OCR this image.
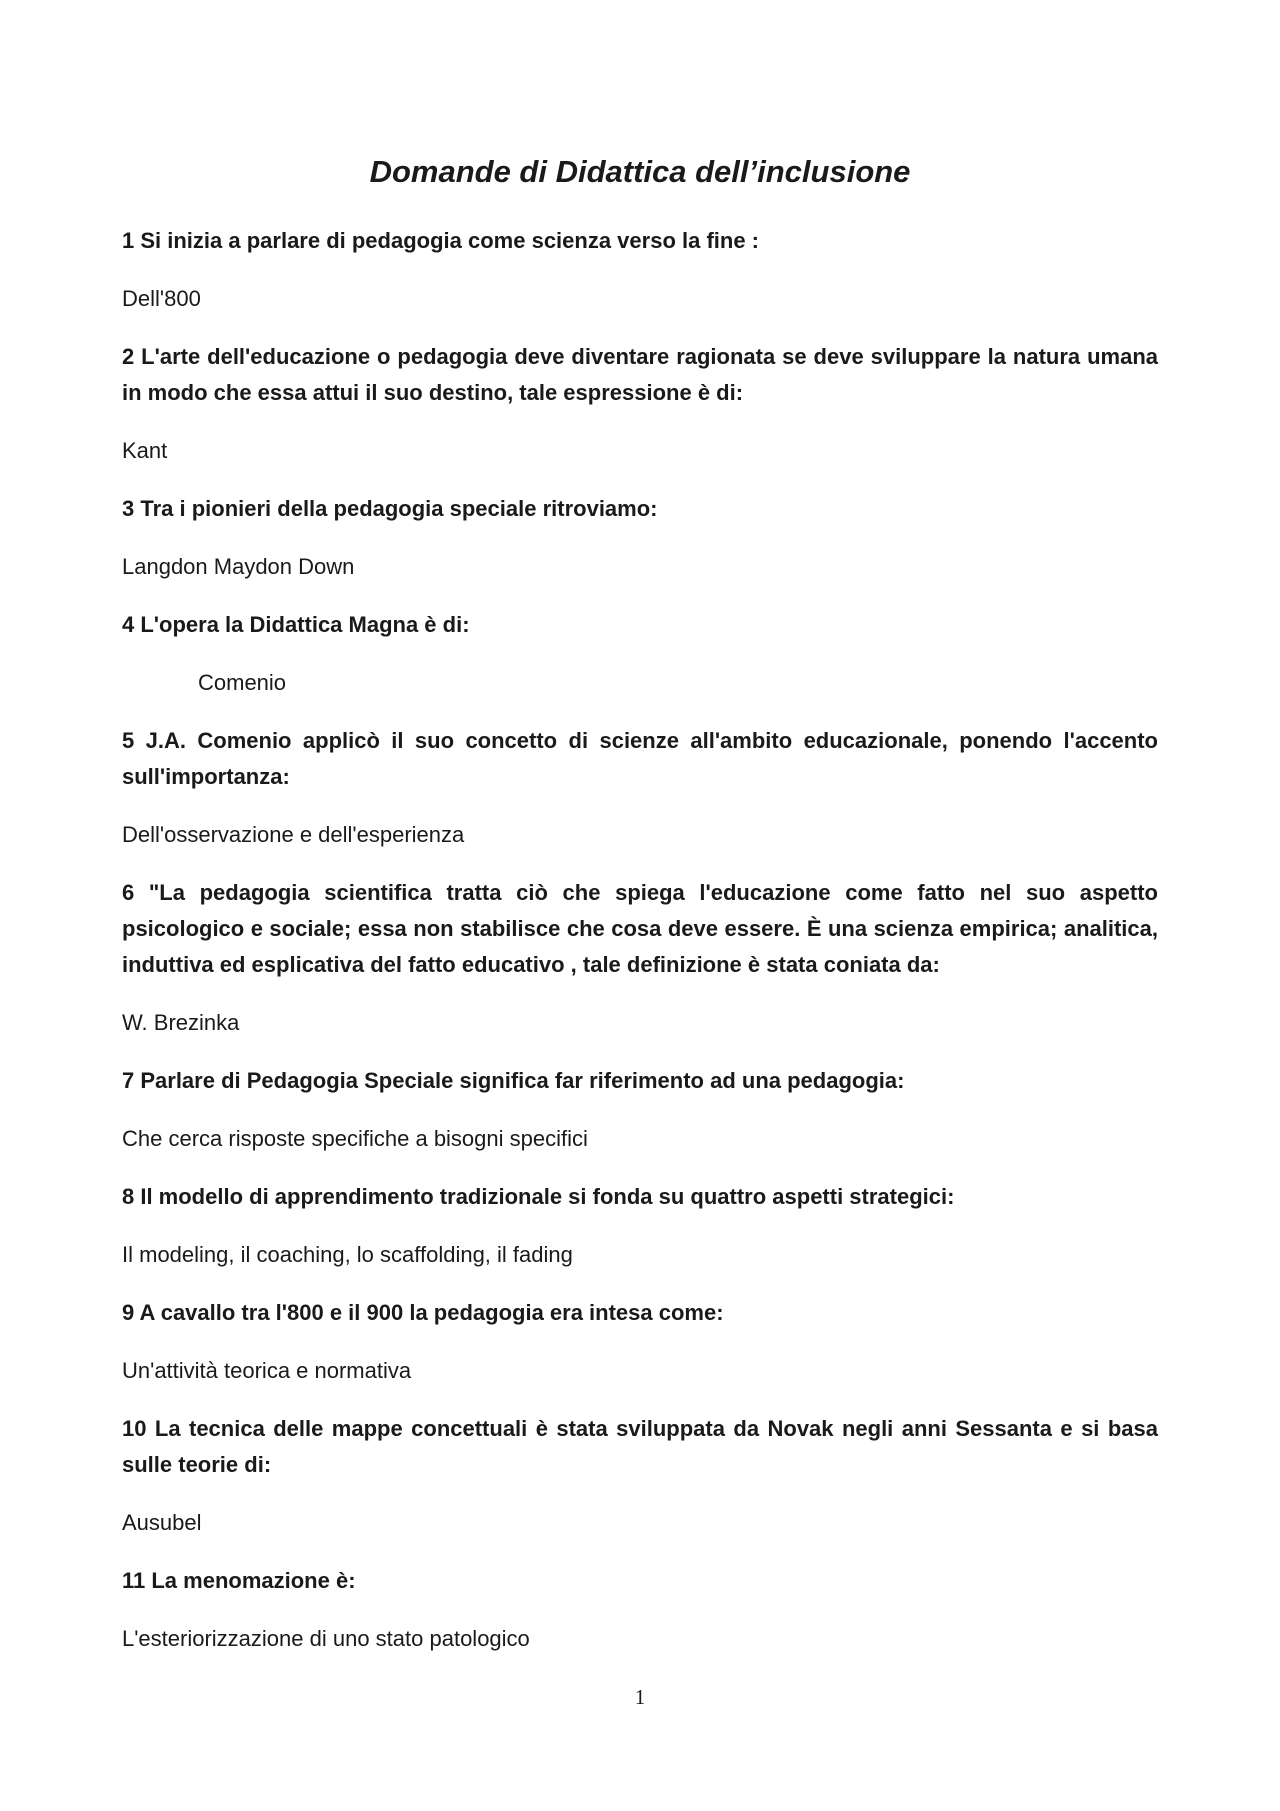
Domande di Didattica dell’inclusione

1 Si inizia a parlare di pedagogia come scienza verso la fine :

Dell'800

2 L'arte dell'educazione o pedagogia deve diventare ragionata se deve sviluppare la natura umana in modo che essa attui il suo destino, tale espressione è di:

Kant

3 Tra i pionieri della pedagogia speciale ritroviamo:

Langdon Maydon Down

4 L'opera la Didattica Magna è di:

Comenio

5 J.A. Comenio applicò il suo concetto di scienze all'ambito educazionale, ponendo l'accento sull'importanza:

Dell'osservazione e dell'esperienza

6 "La pedagogia scientifica tratta ciò che spiega l'educazione come fatto nel suo aspetto psicologico e sociale; essa non stabilisce che cosa deve essere. È una scienza empirica; analitica, induttiva ed esplicativa del fatto educativo , tale definizione è stata coniata da:

W. Brezinka

7 Parlare di Pedagogia Speciale significa far riferimento ad una pedagogia:

Che cerca risposte specifiche a bisogni specifici

8 Il modello di apprendimento tradizionale si fonda su quattro aspetti strategici:

Il modeling, il coaching, lo scaffolding, il fading

9 A cavallo tra l'800 e il 900 la pedagogia era intesa come:

Un'attività teorica e normativa

10 La tecnica delle mappe concettuali è stata sviluppata da Novak negli anni Sessanta e si basa sulle teorie di:

Ausubel

11 La menomazione è:

L'esteriorizzazione di uno stato patologico

1
